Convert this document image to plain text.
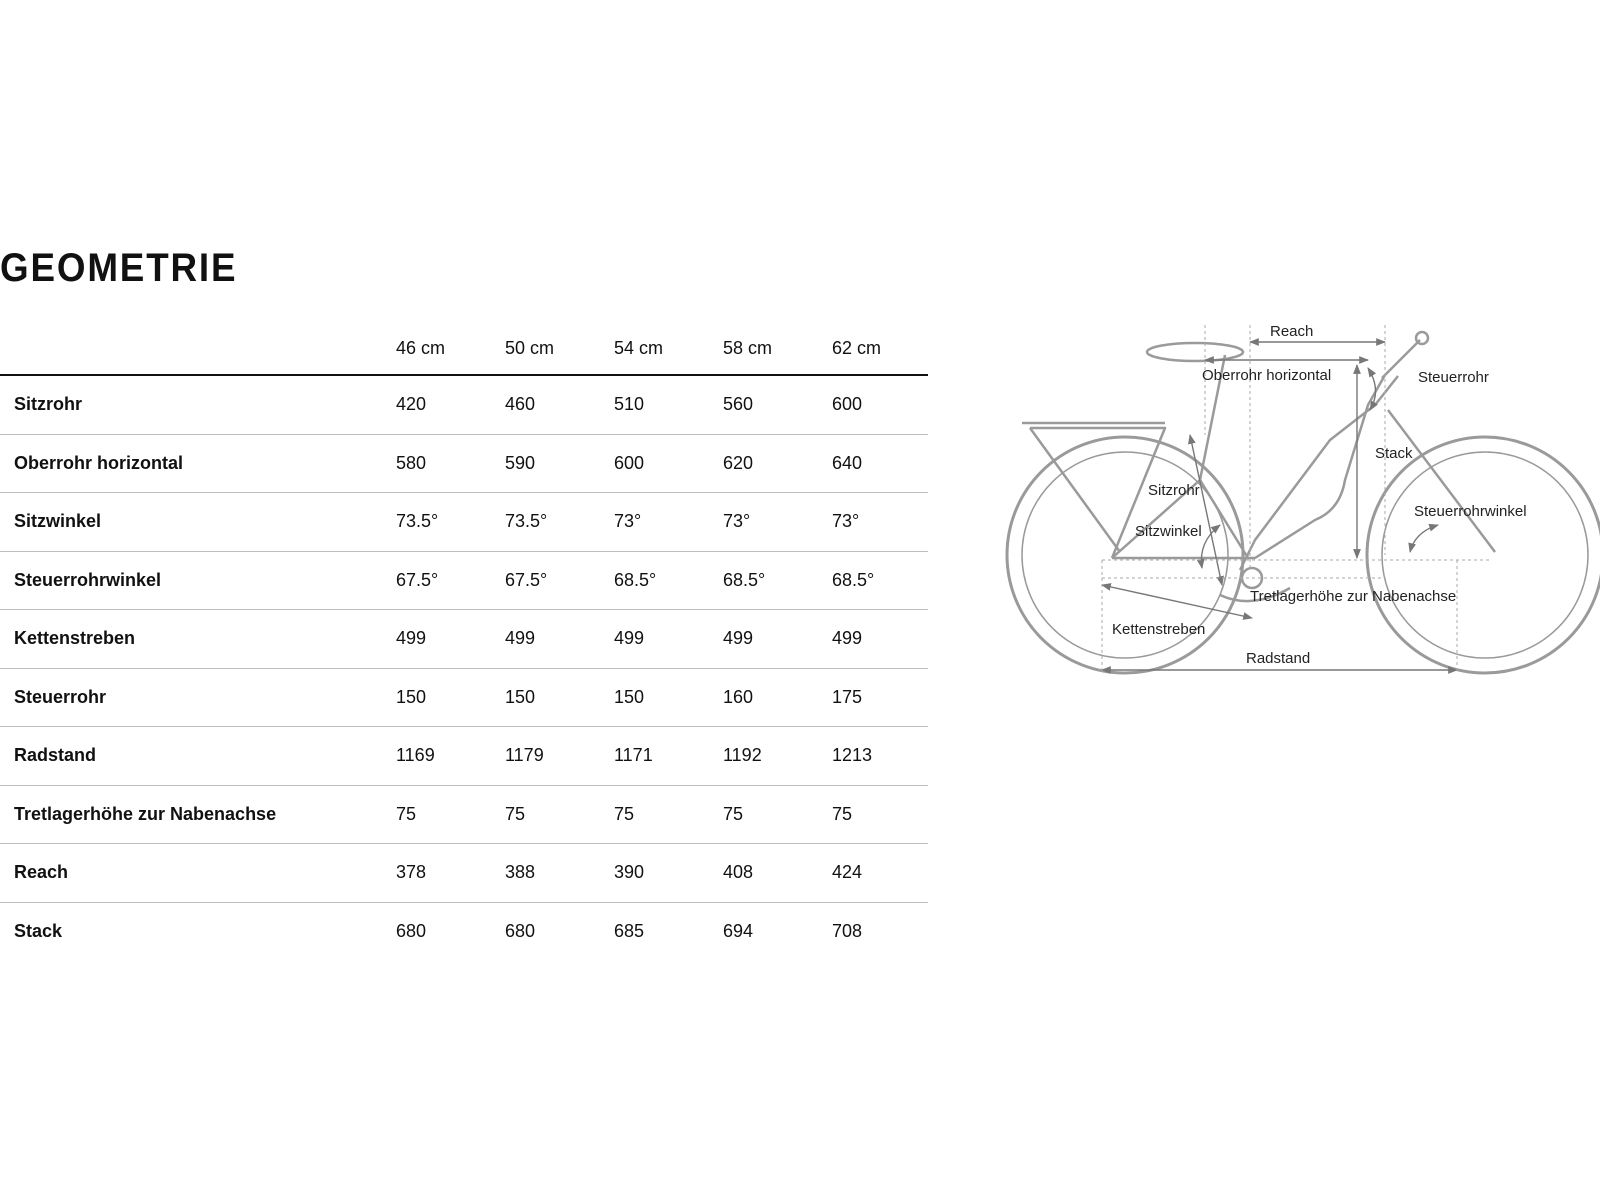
GEOMETRIE
	46 cm	50 cm	54 cm	58 cm	62 cm
Sitzrohr	420	460	510	560	600
Oberrohr horizontal	580	590	600	620	640
Sitzwinkel	73.5°	73.5°	73°	73°	73°
Steuerrohrwinkel	67.5°	67.5°	68.5°	68.5°	68.5°
Kettenstreben	499	499	499	499	499
Steuerrohr	150	150	150	160	175
Radstand	1169	1179	1171	1192	1213
Tretlagerhöhe zur Nabenachse	75	75	75	75	75
Reach	378	388	390	408	424
Stack	680	680	685	694	708
Reach
Oberrohr horizontal	Steuerrohr
Stack
Sitzrohr
Sitzwinkel
Steuerrohrwinkel
Tretlagerhöhe zur Nabenachse
Kettenstreben
Radstand
